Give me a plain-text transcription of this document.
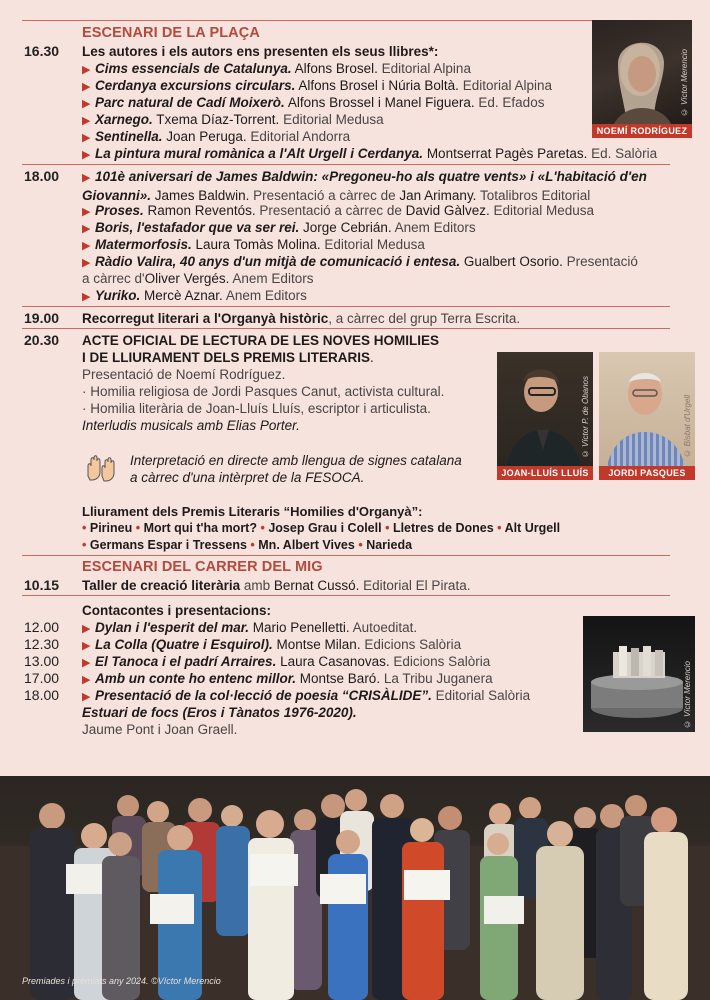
ESCENARI DE LA PLAÇA
16.30 Les autores i els autors ens presenten els seus llibres*:
▶ Cims essencials de Catalunya. Alfons Brosel. Editorial Alpina
▶ Cerdanya excursions circulars. Alfons Brosel i Núria Boltà. Editorial Alpina
▶ Parc natural de Cadí Moixerò. Alfons Brossel i Manel Figuera. Ed. Efados
▶ Xarnego. Txema Díaz-Torrent. Editorial Medusa
▶ Sentinella. Joan Peruga. Editorial Andorra
▶ La pintura mural romànica a l'Alt Urgell i Cerdanya. Montserrat Pagès Paretas. Ed. Salòria
© Víctor Merencio
NOEMÍ RODRÍGUEZ
18.00 ▶ 101è aniversari de James Baldwin: «Pregoneu-ho als quatre vents» i «L'habitació d'en Giovanni». James Baldwin. Presentació a càrrec de Jan Arimany. Totalibros Editorial
▶ Proses. Ramon Reventós. Presentació a càrrec de David Gàlvez. Editorial Medusa
▶ Boris, l'estafador que va ser rei. Jorge Cebrián. Anem Editors
▶ Matermorfosis. Laura Tomàs Molina. Editorial Medusa
▶ Ràdio Valira, 40 anys d'un mitjà de comunicació i entesa. Gualbert Osorio. Presentació
a càrrec d'Oliver Vergés. Anem Editors
▶ Yuriko. Mercè Aznar. Anem Editors
19.00 Recorregut literari a l'Organyà històric, a càrrec del grup Terra Escrita.
20.30 ACTE OFICIAL DE LECTURA DE LES NOVES HOMILIES
I DE LLIURAMENT DELS PREMIS LITERARIS.
Presentació de Noemí Rodríguez.
· Homilia religiosa de Jordi Pasques Canut, activista cultural.
· Homilia literària de Joan-Lluís Lluís, escriptor i articulista.
Interludis musicals amb Elias Porter.
Interpretació en directe amb llengua de signes catalana
a càrrec d'una intèrpret de la FESOCA.
© Víctor P. de Óbanos
JOAN-LLUÍS LLUÍS
© Bisbat d'Urgell
JORDI PASQUES
Lliurament dels Premis Literaris “Homilies d'Organyà”:
• Pirineu • Mort qui t'ha mort? • Josep Grau i Colell • Lletres de Dones • Alt Urgell
• Germans Espar i Tressens • Mn. Albert Vives • Narieda
ESCENARI DEL CARRER DEL MIG
10.15 Taller de creació literària amb Bernat Cussó. Editorial El Pirata.
Contacontes i presentacions:
12.00 ▶ Dylan i l'esperit del mar. Mario Penelletti. Autoeditat.
12.30 ▶ La Colla (Quatre i Esquirol). Montse Milan. Edicions Salòria
13.00 ▶ El Tanoca i el padrí Arraires. Laura Casanovas. Edicions Salòria
17.00 ▶ Amb un conte ho entenc millor. Montse Baró. La Tribu Juganera
18.00 ▶ Presentació de la col·lecció de poesia “CRISÀLIDE”. Editorial Salòria
Estuari de focs (Eros i Tànatos 1976-2020).
Jaume Pont i Joan Graell.
© Víctor Merencio
Premiades i premiats any 2024. ©Víctor Merencio
